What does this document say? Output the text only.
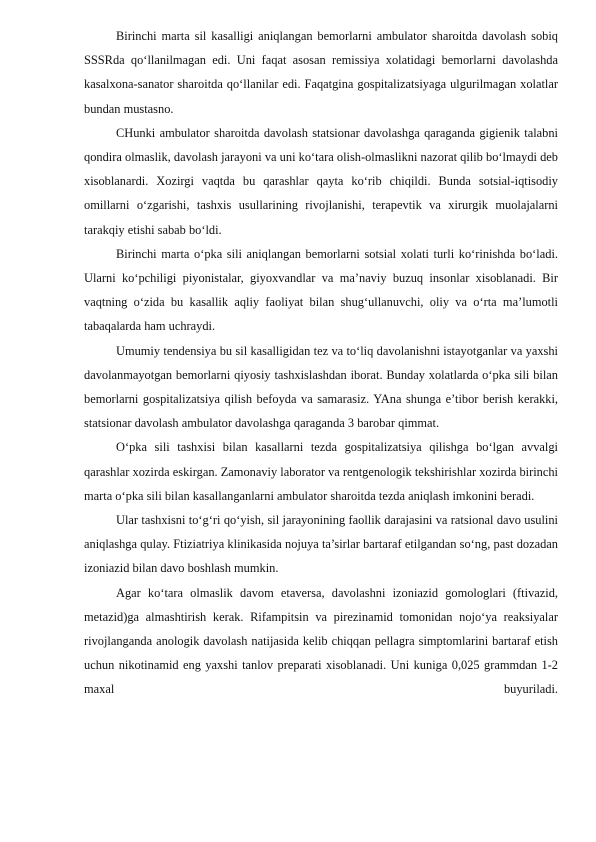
Birinchi marta sil kasalligi aniqlangan bemorlarni ambulator sharoitda davolash sobiq SSSRda qo‘llanilmagan edi. Uni faqat asosan remissiya xolatidagi bemorlarni davolashda kasalxona-sanator sharoitda qo‘llanilar edi. Faqatgina gospitalizatsiyaga ulgurilmagan xolatlar bundan mustasno.

CHunki ambulator sharoitda davolash statsionar davolashga qaraganda gigienik talabni qondira olmaslik, davolash jarayoni va uni ko‘tara olish-olmaslikni nazorat qilib bo‘lmaydi deb xisoblanardi. Xozirgi vaqtda bu qarashlar qayta ko‘rib chiqildi. Bunda sotsial-iqtisodiy omillarni o‘zgarishi, tashxis usullarining rivojlanishi, terapevtik va xirurgik muolajalarni tarakqiy etishi sabab bo‘ldi.

Birinchi marta o‘pka sili aniqlangan bemorlarni sotsial xolati turli ko‘rinishda bo‘ladi. Ularni ko‘pchiligi piyonistalar, giyoxvandlar va ma’naviy buzuq insonlar xisoblanadi. Bir vaqtning o‘zida bu kasallik aqliy faoliyat bilan shug‘ullanuvchi, oliy va o‘rta ma’lumotli tabaqalarda ham uchraydi.

Umumiy tendensiya bu sil kasalligidan tez va to‘liq davolanishni istayotganlar va yaxshi davolanmayotgan bemorlarni qiyosiy tashxislashdan iborat. Bunday xolatlarda o‘pka sili bilan bemorlarni gospitalizatsiya qilish befoyda va samarasiz. YAna shunga e’tibor berish kerakki, statsionar davolash ambulator davolashga qaraganda 3 barobar qimmat.

O‘pka sili tashxisi bilan kasallarni tezda gospitalizatsiya qilishga bo‘lgan avvalgi qarashlar xozirda eskirgan. Zamonaviy laborator va rentgenologik tekshirishlar xozirda birinchi marta o‘pka sili bilan kasallanganlarni ambulator sharoitda tezda aniqlash imkonini beradi.

Ular tashxisni to‘g‘ri qo‘yish, sil jarayonining faollik darajasini va ratsional davo usulini aniqlashga qulay. Ftiziatriya klinikasida nojuya ta’sirlar bartaraf etilgandan so‘ng, past dozadan izoniazid bilan davo boshlash mumkin.

Agar ko‘tara olmaslik davom etaversa, davolashni izoniazid gomologlari (ftivazid, metazid)ga almashtirish kerak. Rifampitsin va pirezinamid tomonidan nojo‘ya reaksiyalar rivojlanganda anologik davolash natijasida kelib chiqqan pellagra simptomlarini bartaraf etish uchun nikotinamid eng yaxshi tanlov preparati xisoblanadi. Uni kuniga 0,025 grammdan 1-2 maxal buyuriladi.
